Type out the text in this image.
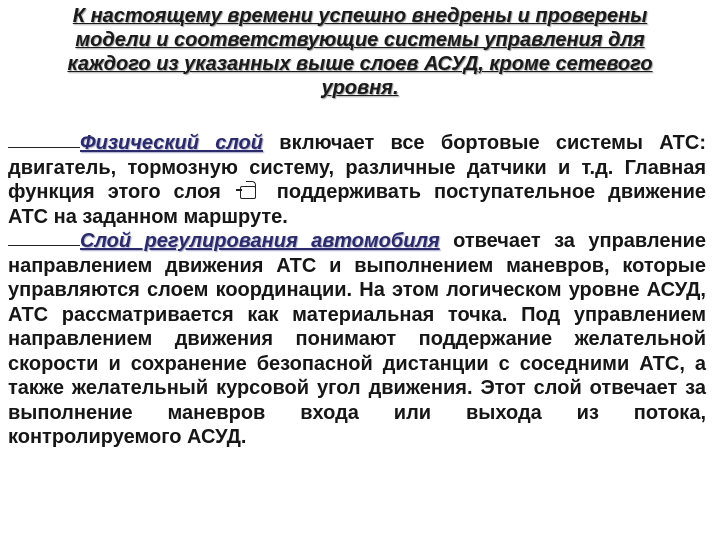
К настоящему времени успешно внедрены и проверены
модели и соответствующие системы управления для
каждого из указанных выше слоев АСУД, кроме сетевого
уровня.

Физический слой включает все бортовые системы АТС: двигатель, тормозную систему, различные датчики и т.д. Главная функция этого слоя
поддерживать поступательное движение АТС на заданном маршруте.

Слой регулирования автомобиля отвечает за управление направлением движения АТС и выполнением маневров, которые управляются слоем координации. На этом логическом уровне АСУД, АТС рассматривается как материальная точка. Под управлением направлением движения понимают поддержание желательной скорости и сохранение безопасной дистанции с соседними АТС, а также желательный курсовой угол движения. Этот слой отвечает за выполнение маневров входа или выхода из потока, контролируемого АСУД.
